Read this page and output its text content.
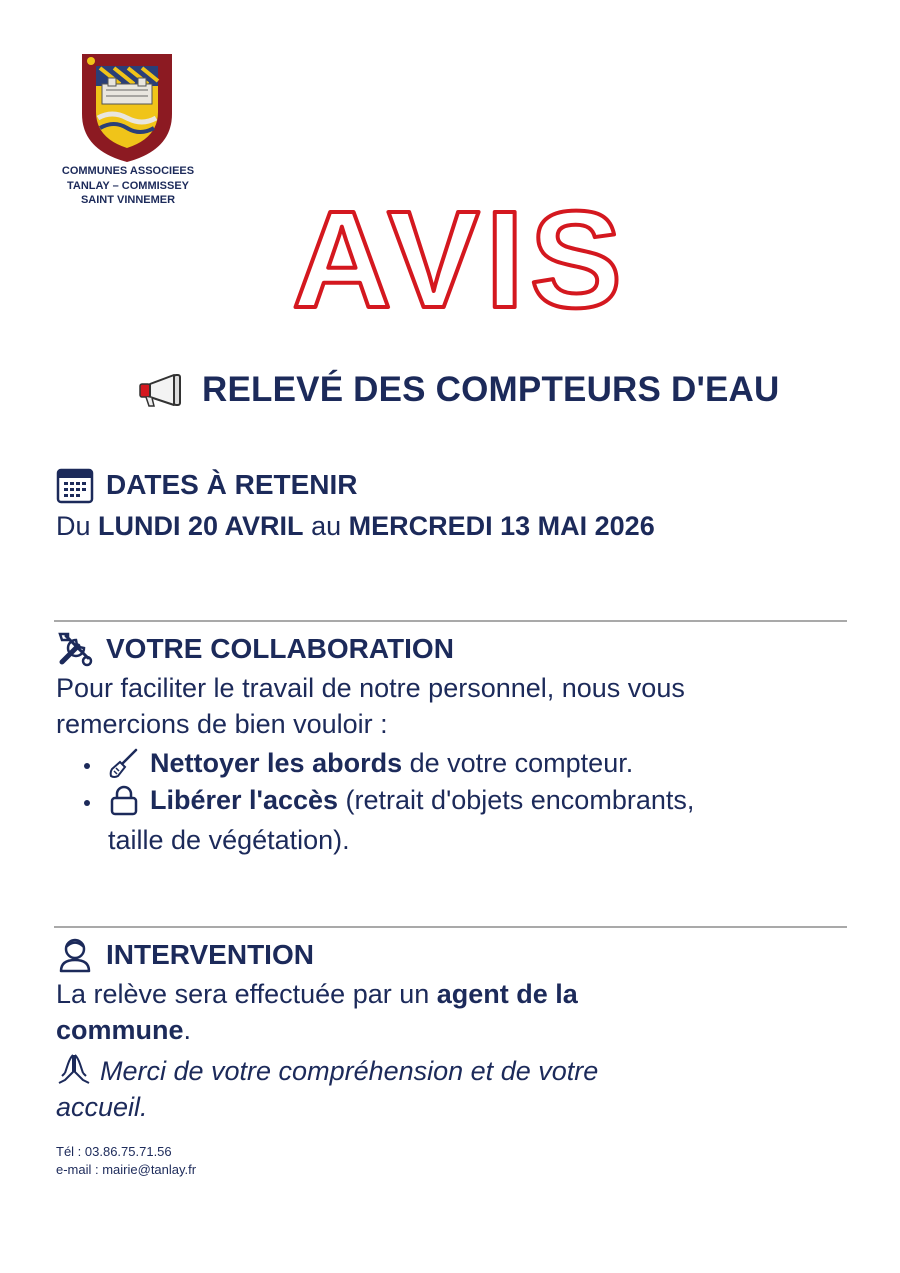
COMMUNES ASSOCIEES
TANLAY – COMMISSEY
SAINT VINNEMER AVIS
RELEVÉ DES COMPTEURS D'EAU
DATES À RETENIR
Du LUNDI 20 AVRIL au MERCREDI 13 MAI 2026
VOTRE COLLABORATION
Pour faciliter le travail de notre personnel, nous vous
remercions de bien vouloir :
Nettoyer les abords de votre compteur.
Libérer l'accès (retrait d'objets encombrants,
taille de végétation).
INTERVENTION
La relève sera effectuée par un agent de la
commune.
Merci de votre compréhension et de votre
accueil.
Tél : 03.86.75.71.56
e-mail : mairie@tanlay.fr
